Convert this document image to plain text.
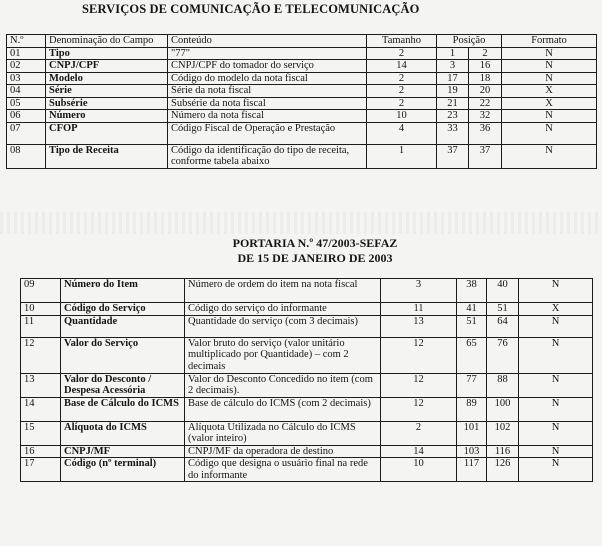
SERVIÇOS DE COMUNICAÇÃO E TELECOMUNICAÇÃO
N.º	Denominação do Campo	Conteúdo	Tamanho	Posição		Formato
01	Tipo	"77"	2	1	2	N
02	CNPJ/CPF	CNPJ/CPF do tomador do serviço	14	3	16	N
03	Modelo	Código do modelo da nota fiscal	2	17	18	N
04	Série	Série da nota fiscal	2	19	20	X
05	Subsérie	Subsérie da nota fiscal	2	21	22	X
06	Número	Número da nota fiscal	10	23	32	N
07	CFOP	Código Fiscal de Operação e Prestação	4	33	36	N
08	Tipo de Receita	Código da identificação do tipo de receita, conforme tabela abaixo	1	37	37	N
PORTARIA N.º 47/2003-SEFAZ
DE 15 DE JANEIRO DE 2003
09	Número do Item	Número de ordem do item na nota fiscal	3	38	40	N
10	Código do Serviço	Código do serviço do informante	11	41	51	X
11	Quantidade	Quantidade do serviço (com 3 decimais)	13	51	64	N
12	Valor do Serviço	Valor bruto do serviço (valor unitário multiplicado por Quantidade) – com 2 decimais	12	65	76	N
13	Valor do Desconto / Despesa Acessória	Valor do Desconto Concedido no item (com 2 decimais).	12	77	88	N
14	Base de Cálculo do ICMS	Base de cálculo do ICMS (com 2 decimais)	12	89	100	N
15	Alíquota do ICMS	Alíquota Utilizada no Cálculo do ICMS (valor inteiro)	2	101	102	N
16	CNPJ/MF	CNPJ/MF da operadora de destino	14	103	116	N
17	Código (nº terminal)	Código que designa o usuário final na rede do informante	10	117	126	N
